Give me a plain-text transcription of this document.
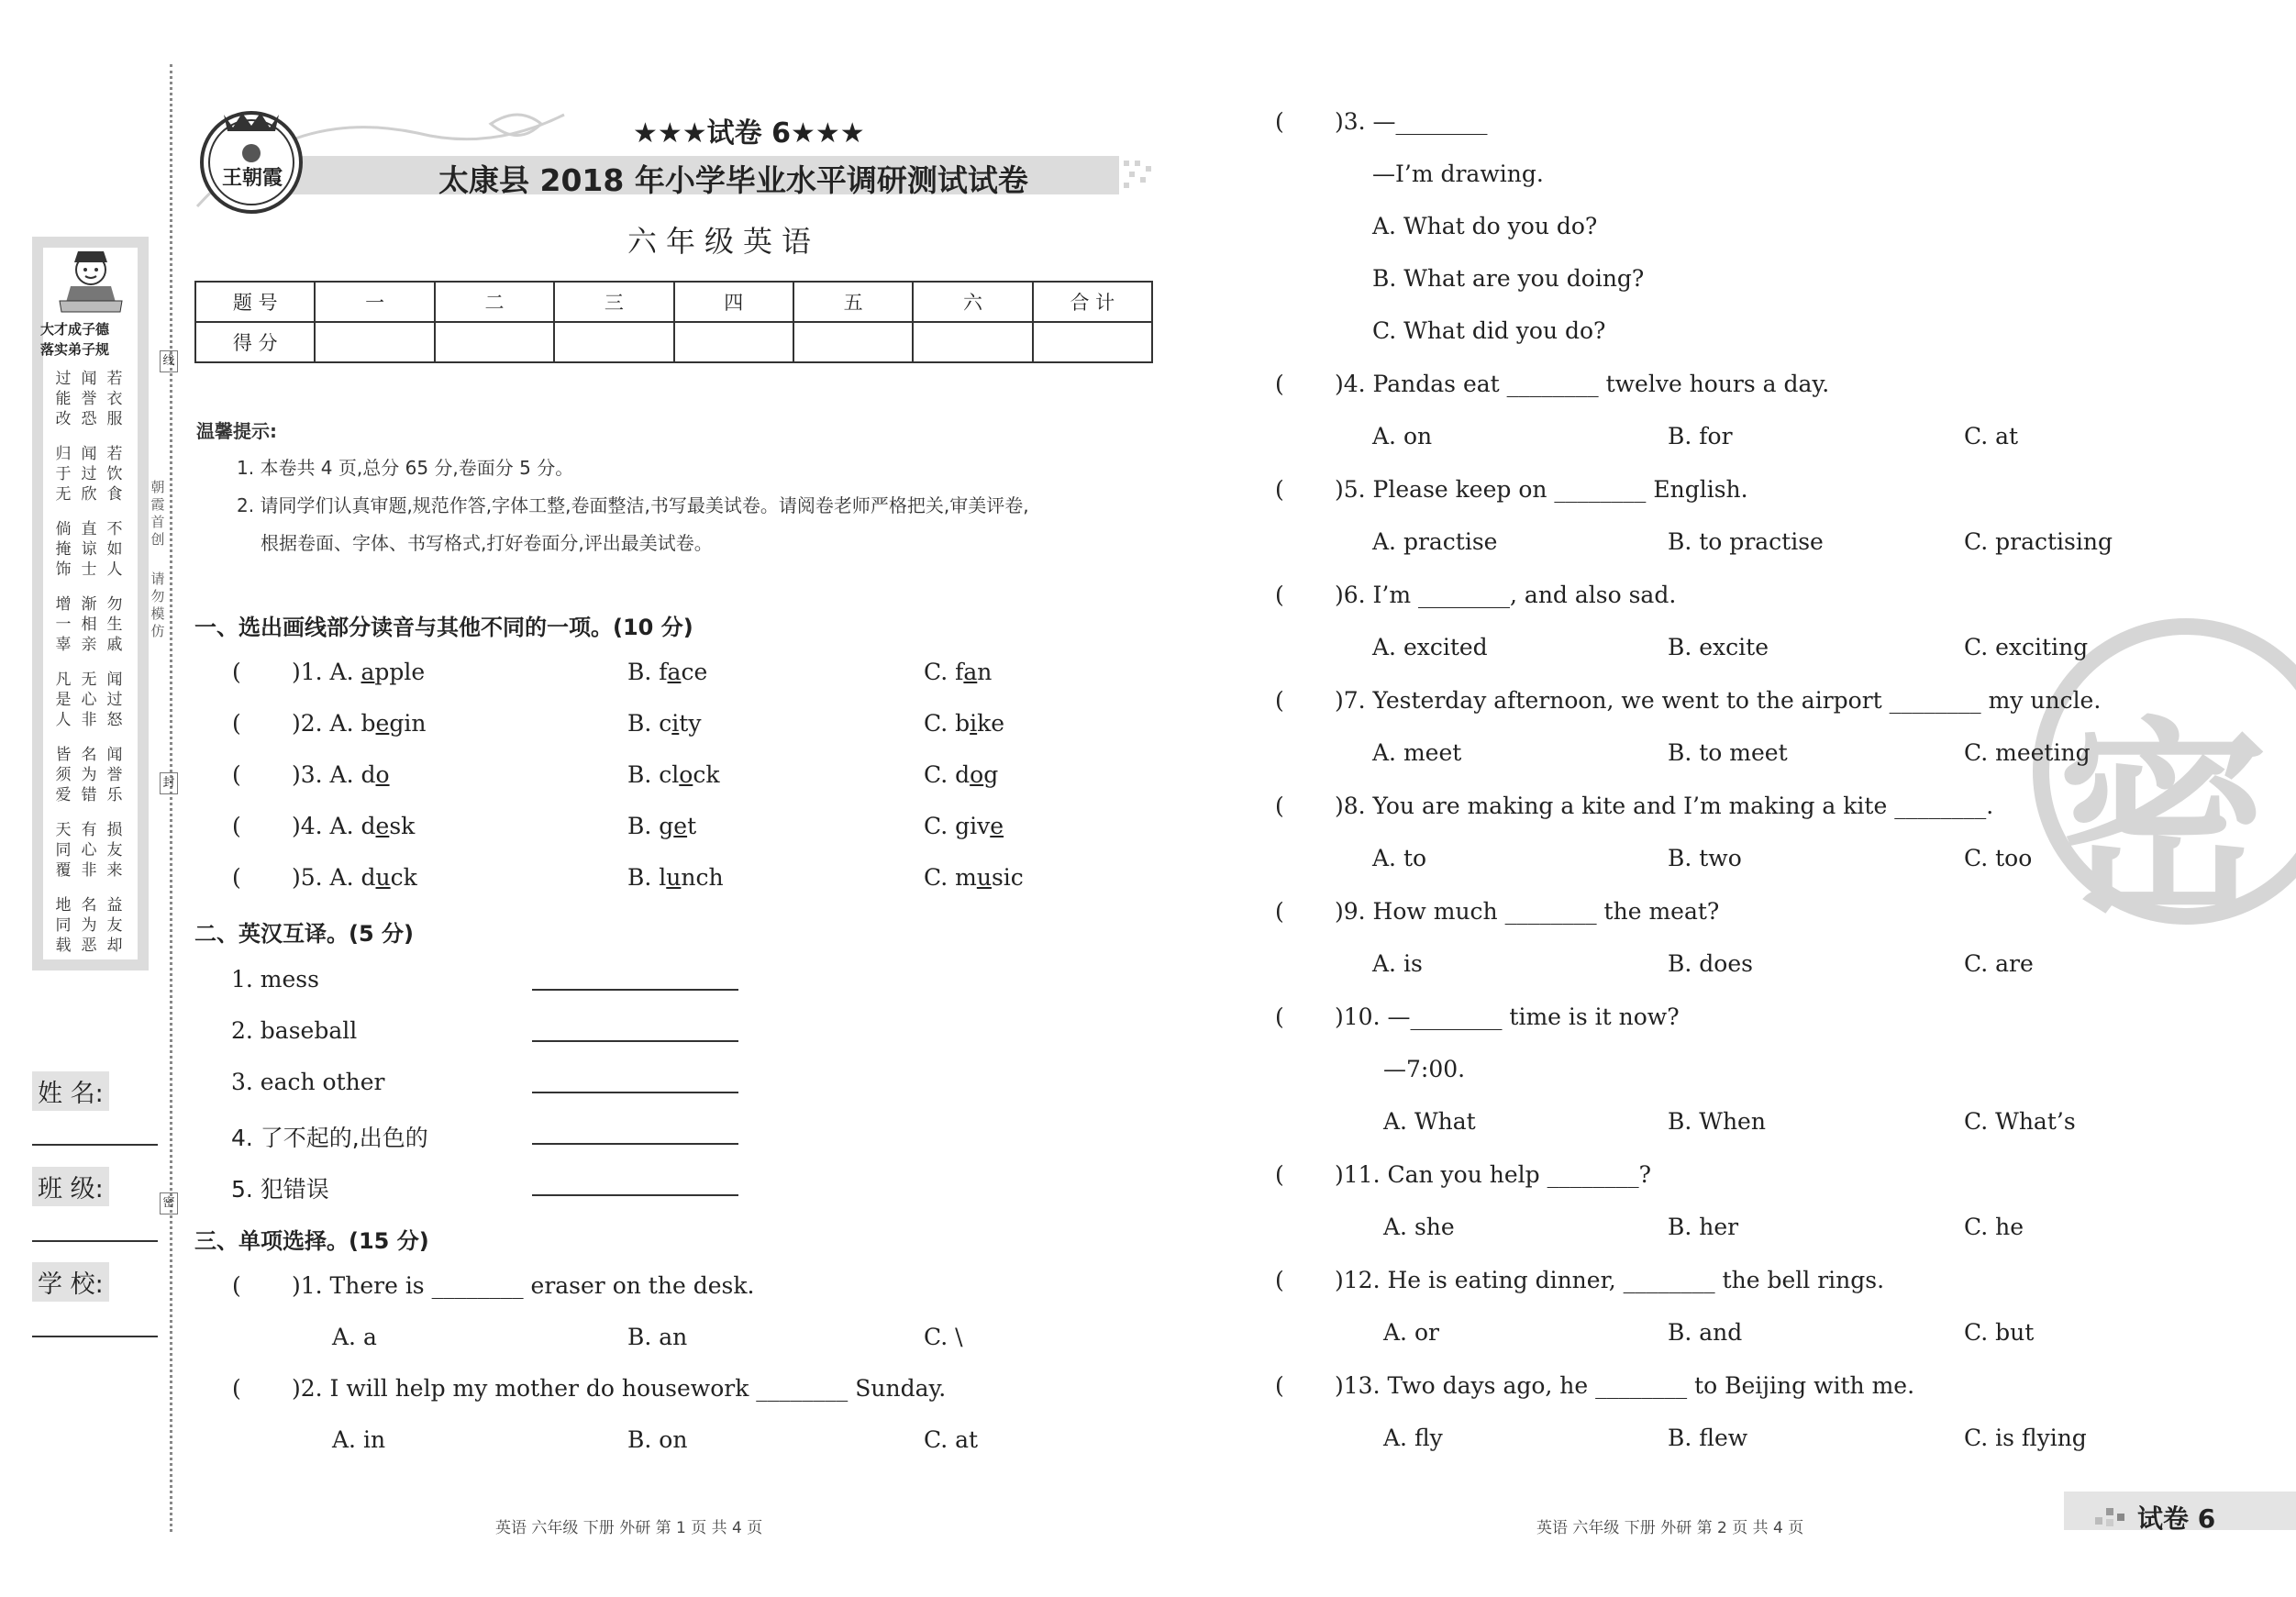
大才成子德
落实弟子规
过能改
闻誉恐
若衣服
归于无
闻过欣
若饮食
倘掩饰
直谅士
不如人
增一辜
渐相亲
勿生戚
凡是人
无心非
闻过怒
皆须爱
名为错
闻誉乐
天同覆
有心非
损友来
地同载
名为恶
益友却
姓 名:
班 级:
学 校:
朝霞首创
请勿模仿
线
封
密
王朝霞
★★★试卷 6★★★
太康县 2018 年小学毕业水平调研测试试卷
六年级英语
题 号	一	二	三	四	五	六	合 计
得 分							
温馨提示:
1. 本卷共 4 页,总分 65 分,卷面分 5 分。
2. 请同学们认真审题,规范作答,字体工整,卷面整洁,书写最美试卷。请阅卷老师严格把关,审美评卷,
根据卷面、字体、书写格式,打好卷面分,评出最美试卷。
一、选出画线部分读音与其他不同的一项。(10 分)
( )1. A. apple	B. face	C. fan
( )2. A. begin	B. city	C. bike
( )3. A. do	B. clock	C. dog
( )4. A. desk	B. get	C. give
( )5. A. duck	B. lunch	C. music
二、英汉互译。(5 分)
1. mess
2. baseball
3. each other
4. 了不起的,出色的
5. 犯错误
三、单项选择。(15 分)
( )1. There is ________ eraser on the desk.
A. a	B. an	C. \
( )2. I will help my mother do housework ________ Sunday.
A. in	B. on	C. at
英语 六年级 下册 外研 第 1 页 共 4 页
密
( )3. —________
—I’m drawing.
A. What do you do?
B. What are you doing?
C. What did you do?
( )4. Pandas eat ________ twelve hours a day.
A. on	B. for	C. at
( )5. Please keep on ________ English.
A. practise	B. to practise	C. practising
( )6. I’m ________, and also sad.
A. excited	B. excite	C. exciting
( )7. Yesterday afternoon, we went to the airport ________ my uncle.
A. meet	B. to meet	C. meeting
( )8. You are making a kite and I’m making a kite ________.
A. to	B. two	C. too
( )9. How much ________ the meat?
A. is	B. does	C. are
( )10. —________ time is it now?
—7:00.
A. What	B. When	C. What’s
( )11. Can you help ________?
A. she	B. her	C. he
( )12. He is eating dinner, ________ the bell rings.
A. or	B. and	C. but
( )13. Two days ago, he ________ to Beijing with me.
A. fly	B. flew	C. is flying
英语 六年级 下册 外研 第 2 页 共 4 页	试卷 6
